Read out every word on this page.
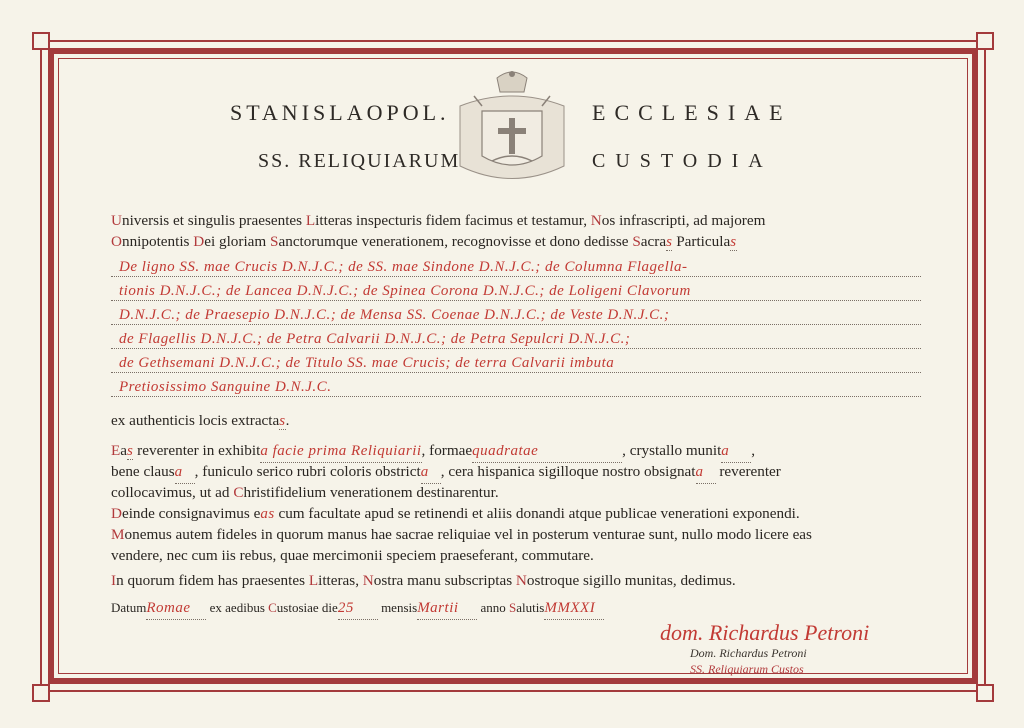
STANISLAOPOL.	ECCLESIAE
SS. RELIQUIARUM	CUSTODIA
Universis et singulis praesentes Litteras inspecturis fidem facimus et testamur, Nos infrascripti, ad majorem
Onnipotentis Dei gloriam Sanctorumque venerationem, recognovisse et dono dedisse Sacras Particulas
De ligno SS. mae Crucis D.N.J.C.; de SS. mae Sindone D.N.J.C.; de Columna Flagella-
tionis D.N.J.C.; de Lancea D.N.J.C.; de Spinea Corona D.N.J.C.; de Loligeni Clavorum
D.N.J.C.; de Praesepio D.N.J.C.; de Mensa SS. Coenae D.N.J.C.; de Veste D.N.J.C.;
de Flagellis D.N.J.C.; de Petra Calvarii D.N.J.C.; de Petra Sepulcri D.N.J.C.;
de Gethsemani D.N.J.C.; de Titulo SS. mae Crucis; de terra Calvarii imbuta
Pretiosissimo Sanguine D.N.J.C.
ex authenticis locis extractas.
Eas reverenter in exhibita facie prima Reliquiarii, formaequadratae	, crystallo munita ,
bene clausa , funiculo serico rubri coloris obstricta , cera hispanica sigilloque nostro obsignata reverenter
collocavimus, ut ad Christifidelium venerationem destinarentur.
Deinde consignavimus eas cum facultate apud se retinendi et aliis donandi atque publicae venerationi exponendi.
Monemus autem fideles in quorum manus hae sacrae reliquiae vel in posterum venturae sunt, nullo modo licere eas
vendere, nec cum iis rebus, quae mercimonii speciem praeseferant, commutare.
In quorum fidem has praesentes Litteras, Nostra manu subscriptas Nostroque sigillo munitas, dedimus.
DatumRomae ex aedibus Custosiae die25 mensisMartii anno SalutisMMXXI
dom. Richardus Petroni
Dom. Richardus Petroni
SS. Reliquiarum Custos
